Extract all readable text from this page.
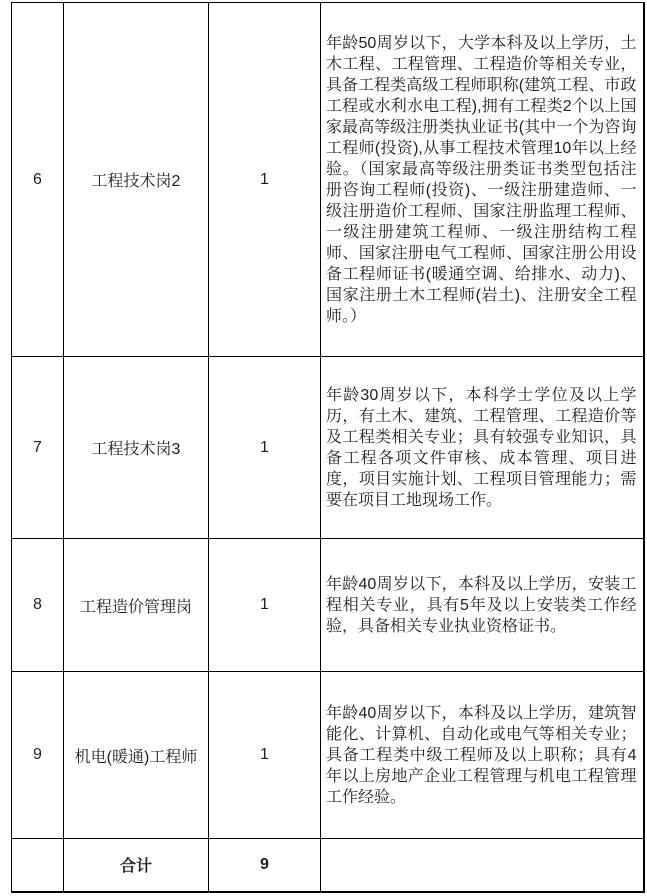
6	工程技术岗2	1	年龄50周岁以下，大学本科及以上学历，土木工程、工程管理、工程造价等相关专业，具备工程类高级工程师职称(建筑工程、市政工程或水利水电工程),拥有工程类2个以上国家最高等级注册类执业证书(其中一个为咨询工程师(投资),从事工程技术管理10年以上经验。（国家最高等级注册类证书类型包括注册咨询工程师(投资)、一级注册建造师、一级注册造价工程师、国家注册监理工程师、一级注册建筑工程师、一级注册结构工程师、国家注册电气工程师、国家注册公用设备工程师证书(暖通空调、给排水、动力)、国家注册土木工程师(岩土)、注册安全工程师。）
7	工程技术岗3	1	年龄30周岁以下，本科学士学位及以上学历，有土木、建筑、工程管理、工程造价等及工程类相关专业；具有较强专业知识，具备工程各项文件审核、成本管理、项目进度，项目实施计划、工程项目管理能力；需要在项目工地现场工作。
8	工程造价管理岗	1	年龄40周岁以下，本科及以上学历，安装工程相关专业，具有5年及以上安装类工作经验，具备相关专业执业资格证书。
9	机电(暖通)工程师	1	年龄40周岁以下，本科及以上学历，建筑智能化、计算机、自动化或电气等相关专业；具备工程类中级工程师及以上职称；具有4年以上房地产企业工程管理与机电工程管理工作经验。
	合计	9	
